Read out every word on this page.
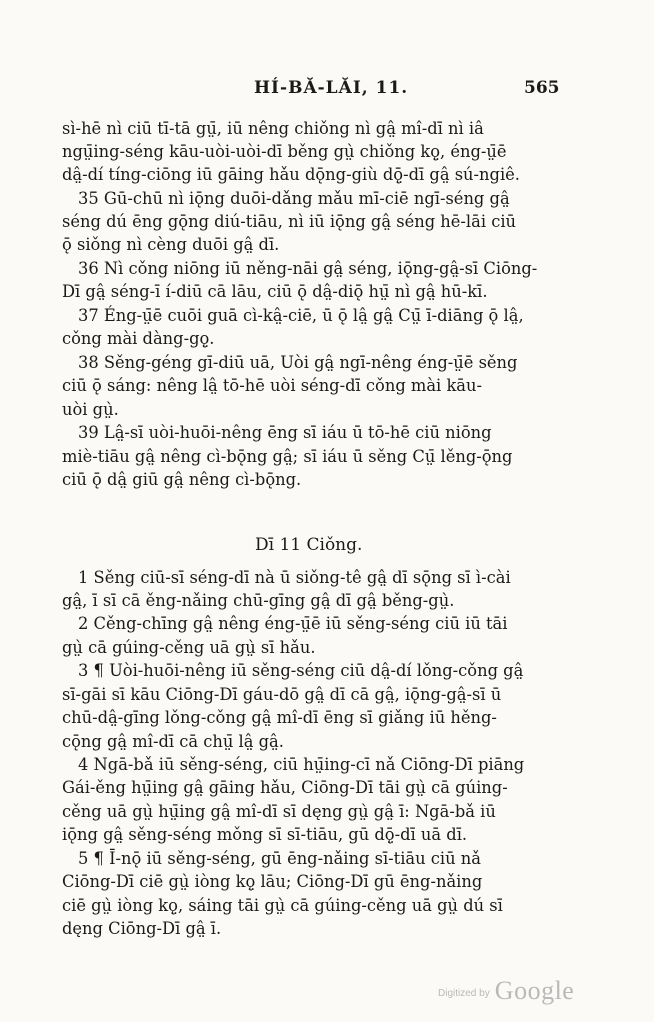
HÍ-BĂ-LĂI, 11.	565
sì-hē nì ciū tī-tā gṳ̄, iū nêng chiǒng nì gâ̤ mî-dī nì iâ
ngṳ̄ing-séng kāu-uòi-uòi-dī běng gṳ̀ chiǒng kǫ̤, éng-ṳ̄ē
dâ̤-dí tíng-ciōng iū gāing hǎu dǭng-giù dǭ̤-dī gâ̤ sú-ngiê.
35 Gū-chū nì iǭng duōi-dǎng mǎu mī-ciē ngī-séng gâ̤
séng dú ēng gǭng diú-tiāu, nì iū iǭng gâ̤ séng hē-lāi ciū
ǭ siǒng nì cèng duōi gâ̤ dī.
36 Nì cǒng niōng iū něng-nāi gâ̤ séng, iǭng-gâ̤-sī Ciōng-
Dī gâ̤ séng-ī í-diū cā lāu, ciū ǭ dâ̤-diǭ hṳ̄ nì gâ̤ hū-kī.
37 Éng-ṳ̄ē cuōi guā cì-kâ̤-ciē, ū ǭ lâ̤ gâ̤ Cṳ̄ ī-diāng ǭ lâ̤,
cǒng mài dàng-gǫ̤.
38 Sěng-géng gī-diū uā, Uòi gâ̤ ngī-nêng éng-ṳ̄ē sěng
ciū ǭ sáng: nêng lâ̤ tō-hē uòi séng-dī cǒng mài kāu-
uòi gṳ̀.
39 Lâ̤-sī uòi-huōi-nêng ēng sī iáu ū tō-hē ciū niōng
miè-tiāu gâ̤ nêng cì-bǭng gâ̤; sī iáu ū sěng Cṳ̄ lěng-ǭng
ciū ǭ dâ̤ giū gâ̤ nêng cì-bǭng.
Dī 11 Ciǒng.
1 Sěng ciū-sī séng-dī nà ū siǒng-tê gâ̤ dī sǭng sī ì-cài
gâ̤, ī sī cā ěng-nǎing chū-gīng gâ̤ dī gâ̤ běng-gṳ̀.
2 Cěng-chīng gâ̤ nêng éng-ṳ̄ē iū sěng-séng ciū iū tāi
gṳ̀ cā gúing-cěng uā gṳ̀ sī hǎu.
3 ¶ Uòi-huōi-nêng iū sěng-séng ciū dâ̤-dí lǒng-cǒng gâ̤
sī-gāi sī kāu Ciōng-Dī gáu-dō gâ̤ dī cā gâ̤, iǭng-gâ̤-sī ū
chū-dâ̤-gīng lǒng-cǒng gâ̤ mî-dī ēng sī giǎng iū hěng-
cǭng gâ̤ mî-dī cā chṳ̄ lâ̤ gâ̤.
4 Ngā-bǎ iū sěng-séng, ciū hṳ̄ing-cī nǎ Ciōng-Dī piāng
Gái-ěng hṳ̄ing gâ̤ gāing hǎu, Ciōng-Dī tāi gṳ̀ cā gúing-
cěng uā gṳ̀ hṳ̄ing gâ̤ mî-dī sī dęng gṳ̀ gâ̤ ī: Ngā-bǎ iū
iǭng gâ̤ sěng-séng mǒng sī sī-tiāu, gū dǭ̤-dī uā dī.
5 ¶ Ī-nǭ iū sěng-séng, gū ēng-nǎing sī-tiāu ciū nǎ
Ciōng-Dī ciē gṳ̀ iòng kǫ̤ lāu; Ciōng-Dī gū ēng-nǎing
ciē gṳ̀ iòng kǫ̤, sáing tāi gṳ̀ cā gúing-cěng uā gṳ̀ dú sī
dęng Ciōng-Dī gâ̤ ī.
Digitized by Google
